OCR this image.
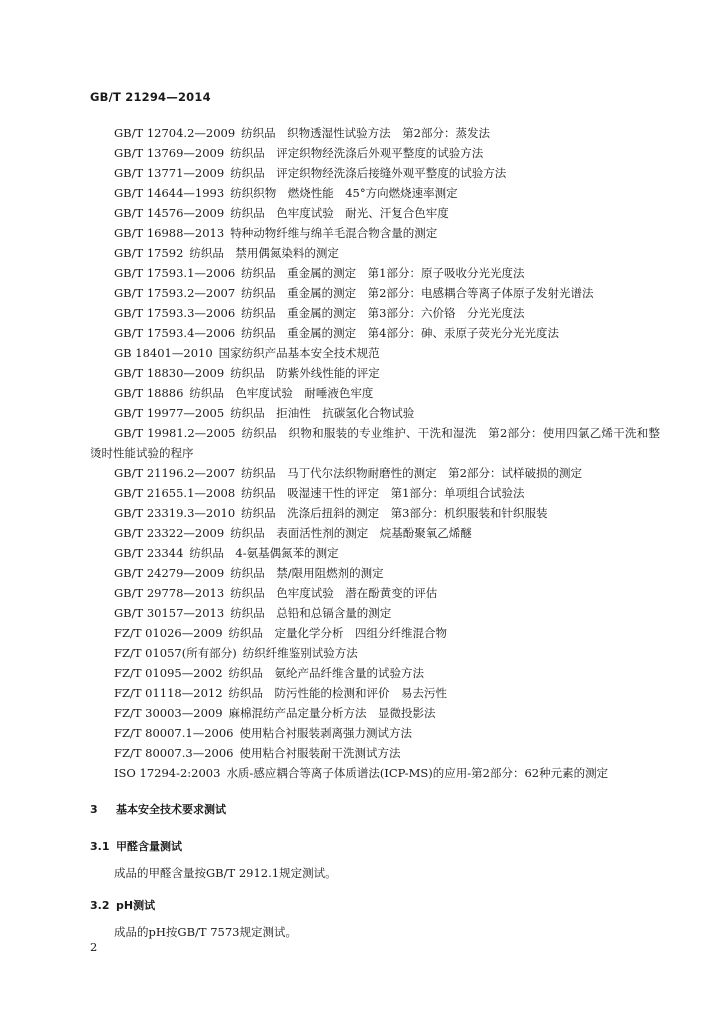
GB/T 21294—2014
GB/T 12704.2—2009 纺织品　织物透湿性试验方法　第2部分：蒸发法
GB/T 13769—2009 纺织品　评定织物经洗涤后外观平整度的试验方法
GB/T 13771—2009 纺织品　评定织物经洗涤后接缝外观平整度的试验方法
GB/T 14644—1993 纺织织物　燃烧性能　45°方向燃烧速率测定
GB/T 14576—2009 纺织品　色牢度试验　耐光、汗复合色牢度
GB/T 16988—2013 特种动物纤维与绵羊毛混合物含量的测定
GB/T 17592 纺织品　禁用偶氮染料的测定
GB/T 17593.1—2006 纺织品　重金属的测定　第1部分：原子吸收分光光度法
GB/T 17593.2—2007 纺织品　重金属的测定　第2部分：电感耦合等离子体原子发射光谱法
GB/T 17593.3—2006 纺织品　重金属的测定　第3部分：六价铬　分光光度法
GB/T 17593.4—2006 纺织品　重金属的测定　第4部分：砷、汞原子荧光分光光度法
GB 18401—2010 国家纺织产品基本安全技术规范
GB/T 18830—2009 纺织品　防紫外线性能的评定
GB/T 18886 纺织品　色牢度试验　耐唾液色牢度
GB/T 19977—2005 纺织品　拒油性　抗碳氢化合物试验
GB/T 19981.2—2005 纺织品　织物和服装的专业维护、干洗和湿洗　第2部分：使用四氯乙烯干洗和整烫时性能试验的程序
GB/T 21196.2—2007 纺织品　马丁代尔法织物耐磨性的测定　第2部分：试样破损的测定
GB/T 21655.1—2008 纺织品　吸湿速干性的评定　第1部分：单项组合试验法
GB/T 23319.3—2010 纺织品　洗涤后扭斜的测定　第3部分：机织服装和针织服装
GB/T 23322—2009 纺织品　表面活性剂的测定　烷基酚聚氧乙烯醚
GB/T 23344 纺织品　4-氨基偶氮苯的测定
GB/T 24279—2009 纺织品　禁/限用阻燃剂的测定
GB/T 29778—2013 纺织品　色牢度试验　潜在酚黄变的评估
GB/T 30157—2013 纺织品　总铅和总镉含量的测定
FZ/T 01026—2009 纺织品　定量化学分析　四组分纤维混合物
FZ/T 01057(所有部分) 纺织纤维鉴别试验方法
FZ/T 01095—2002 纺织品　氨纶产品纤维含量的试验方法
FZ/T 01118—2012 纺织品　防污性能的检测和评价　易去污性
FZ/T 30003—2009 麻棉混纺产品定量分析方法　显微投影法
FZ/T 80007.1—2006 使用粘合衬服装剥离强力测试方法
FZ/T 80007.3—2006 使用粘合衬服装耐干洗测试方法
ISO 17294-2:2003 水质-感应耦合等离子体质谱法(ICP-MS)的应用-第2部分：62种元素的测定
3 基本安全技术要求测试
3.1 甲醛含量测试
成品的甲醛含量按GB/T 2912.1规定测试。
3.2 pH测试
成品的pH按GB/T 7573规定测试。
2
